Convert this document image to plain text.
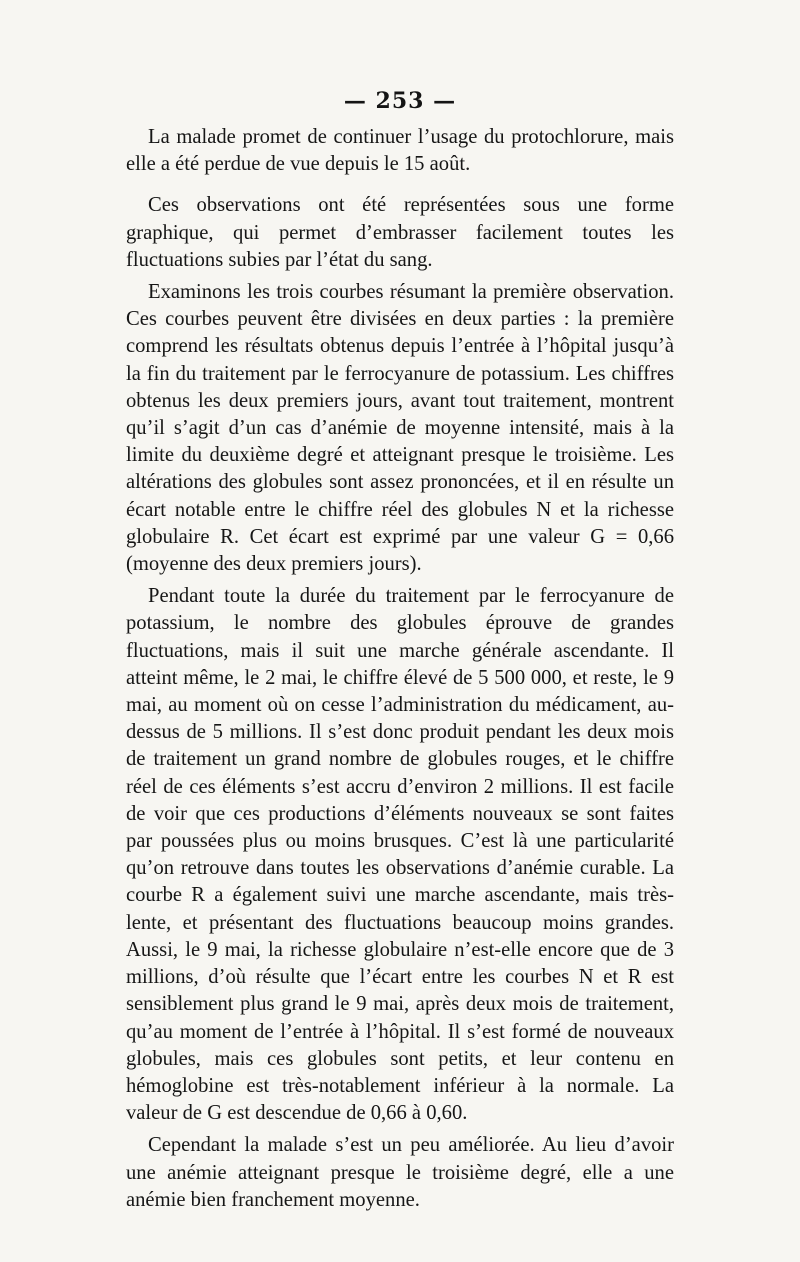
— 253 —

La malade promet de continuer l’usage du protochlorure, mais elle a été perdue de vue depuis le 15 août.

Ces observations ont été représentées sous une forme graphique, qui permet d’embrasser facilement toutes les fluctuations subies par l’état du sang.

Examinons les trois courbes résumant la première observation. Ces courbes peuvent être divisées en deux parties : la première comprend les résultats obtenus depuis l’entrée à l’hôpital jusqu’à la fin du traitement par le ferrocyanure de potassium. Les chiffres obtenus les deux premiers jours, avant tout traitement, montrent qu’il s’agit d’un cas d’anémie de moyenne intensité, mais à la limite du deuxième degré et atteignant presque le troisième. Les altérations des globules sont assez prononcées, et il en résulte un écart notable entre le chiffre réel des globules N et la richesse globulaire R. Cet écart est exprimé par une valeur G = 0,66 (moyenne des deux premiers jours).

Pendant toute la durée du traitement par le ferrocyanure de potassium, le nombre des globules éprouve de grandes fluctuations, mais il suit une marche générale ascendante. Il atteint même, le 2 mai, le chiffre élevé de 5 500 000, et reste, le 9 mai, au moment où on cesse l’administration du médicament, au-dessus de 5 millions. Il s’est donc produit pendant les deux mois de traitement un grand nombre de globules rouges, et le chiffre réel de ces éléments s’est accru d’environ 2 millions. Il est facile de voir que ces productions d’éléments nouveaux se sont faites par poussées plus ou moins brusques. C’est là une particularité qu’on retrouve dans toutes les observations d’anémie curable. La courbe R a également suivi une marche ascendante, mais très-lente, et présentant des fluctuations beaucoup moins grandes. Aussi, le 9 mai, la richesse globulaire n’est-elle encore que de 3 millions, d’où résulte que l’écart entre les courbes N et R est sensiblement plus grand le 9 mai, après deux mois de traitement, qu’au moment de l’entrée à l’hôpital. Il s’est formé de nouveaux globules, mais ces globules sont petits, et leur contenu en hémoglobine est très-notablement inférieur à la normale. La valeur de G est descendue de 0,66 à 0,60.

Cependant la malade s’est un peu améliorée. Au lieu d’avoir une anémie atteignant presque le troisième degré, elle a une anémie bien franchement moyenne.
